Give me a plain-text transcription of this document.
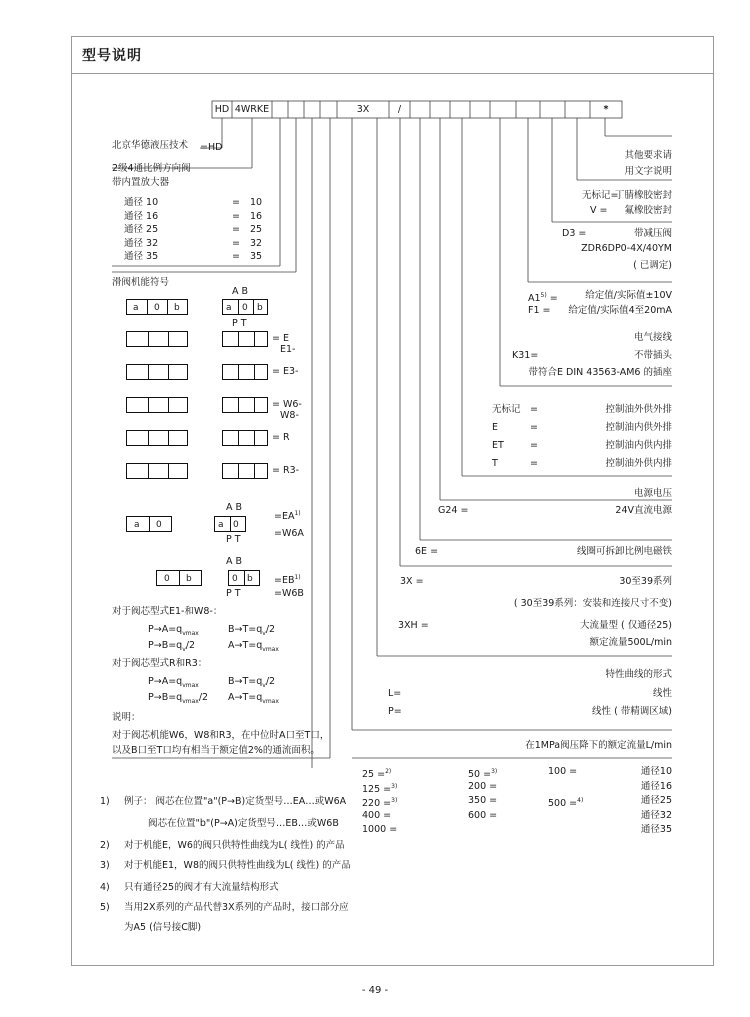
型号说明
HD 4WRKE	3X	/	*
北京华德液压技术 =HD
2级4通比例方向阀
带内置放大器
通径 10	= 10
通径 16	= 16
通径 25	= 25
通径 32	= 32
通径 35	= 35
滑阀机能符号
A B
a 0 b	a 0 b
P T
= E
E1-
= E3-
= W6-
W8-
= R
= R3-
A B
a 0	a 0
P T
$=EA^{1)}$
=W6A
A B
0 b	0 b
P T
$=EB^{1)}$
=W6B
对于阀芯型式E1-和W8-：
$P\to A=q_{vmax}$	$B\to T=q_v/2$
$P\to B=q_v/2$	$A\to T=q_{vmax}$
对于阀芯型式R和R3：
$P\to A=q_{vmax}$	$B\to T=q_v/2$
$P\to B=q_{vmax}/2$ $A\to T=q_{vmax}$
说明：
对于阀芯机能W6，W8和R3，在中位时A口至T口，
以及B口至T口均有相当于额定值2%的通流面积。
其他要求请
用文字说明
无标记=
丁腈橡胶密封
V = 氟橡胶密封
D3 =	带减压阀
ZDR6DP0-4X/40YM
( 已调定)
$A1^{5)}$ =	给定值/实际值±10V
F1 = 给定值/实际值4至20mA
电气接线
K31=	不带插头
带符合E DIN 43563-AM6 的插座
无标记 =	控制油外供外排
E	=	控制油内供外排
ET	=	控制油内供内排
T	=	控制油外供内排
电源电压
G24 =	24V直流电源
6E =	线圈可拆卸比例电磁铁
3X =	30至39系列
( 30至39系列：安装和连接尺寸不变)
3XH =	大流量型 ( 仅通径25)
额定流量500L/min
特性曲线的形式
L=	线性
P=	线性 ( 带精调区域)
在1MPa阀压降下的额定流量L/min
25 =$^{2)}$	50 =$^{3)}$	100 =	通径10
125 =$^{3)}$	200 =	通径16
220 =$^{3)}$	350 =	500 =$^{4)}$	通径25
400 =	600 =	通径32
1000 =	通径35
1) 例子： 阀芯在位置"a"(P→B)定货型号…EA…或W6A
阀芯在位置"b"(P→A)定货型号…EB…或W6B
2) 对于机能E，W6的阀只供特性曲线为L( 线性) 的产品
3) 对于机能E1，W8的阀只供特性曲线为L( 线性) 的产品
4) 只有通径25的阀才有大流量结构形式
5) 当用2X系列的产品代替3X系列的产品时，接口部分应
为A5 (信号接C脚)
- 49 -
